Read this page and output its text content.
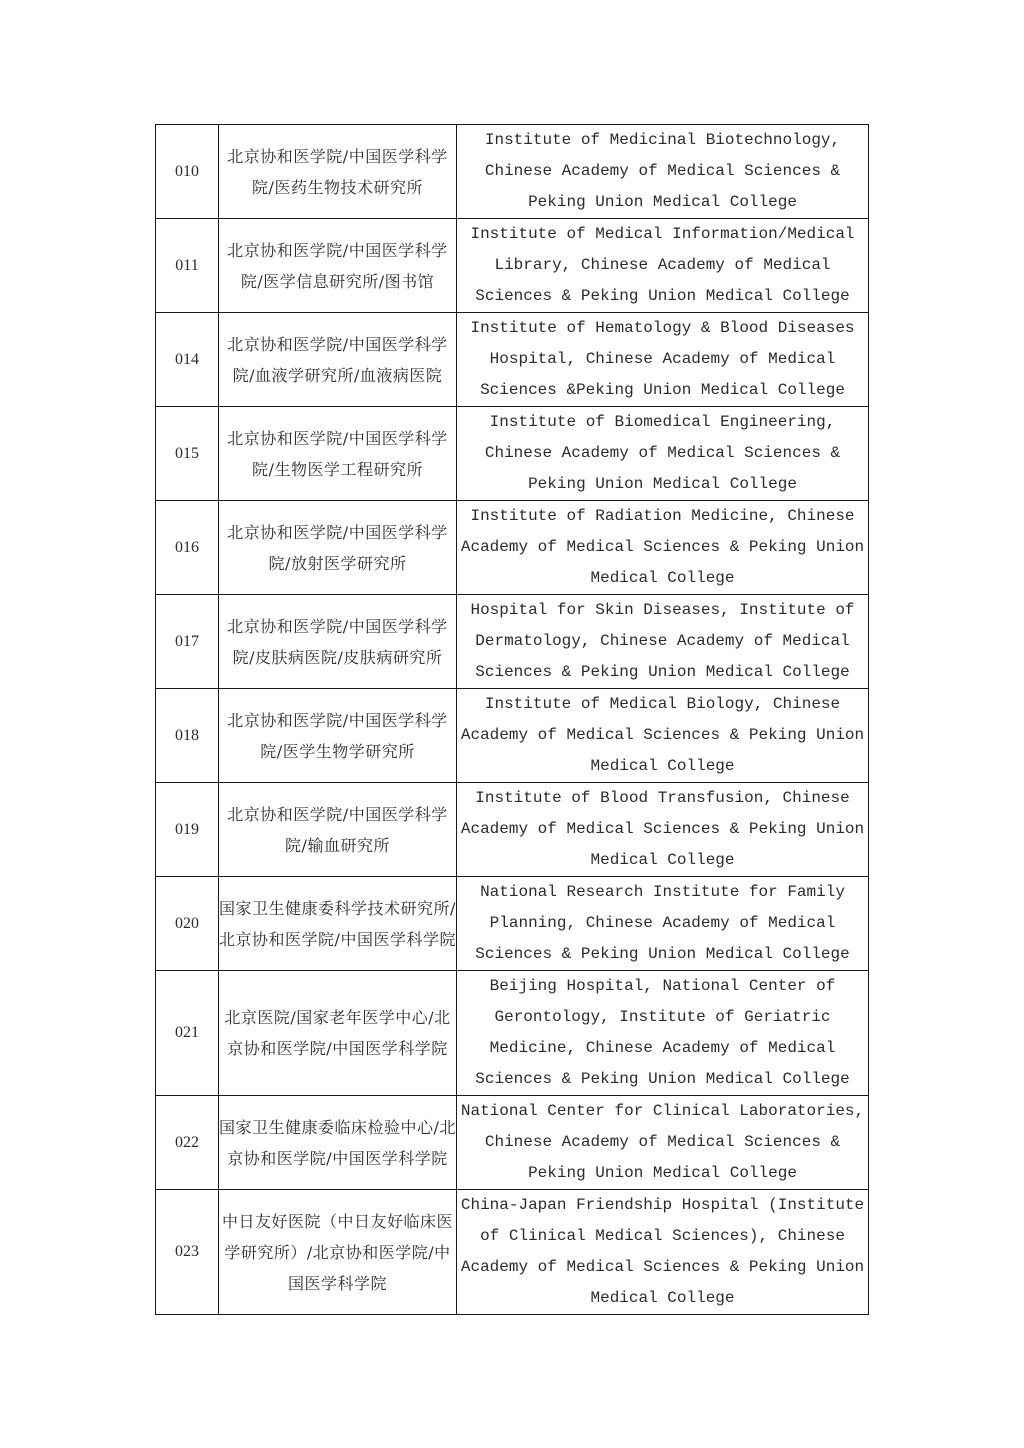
010	北京协和医学院/中国医学科学院/医药生物技术研究所	Institute of Medicinal Biotechnology, Chinese Academy of Medical Sciences & Peking Union Medical College
011	北京协和医学院/中国医学科学院/医学信息研究所/图书馆	Institute of Medical Information/Medical Library, Chinese Academy of Medical Sciences & Peking Union Medical College
014	北京协和医学院/中国医学科学院/血液学研究所/血液病医院	Institute of Hematology & Blood Diseases Hospital, Chinese Academy of Medical Sciences &Peking Union Medical College
015	北京协和医学院/中国医学科学院/生物医学工程研究所	Institute of Biomedical Engineering, Chinese Academy of Medical Sciences & Peking Union Medical College
016	北京协和医学院/中国医学科学院/放射医学研究所	Institute of Radiation Medicine, Chinese Academy of Medical Sciences & Peking Union Medical College
017	北京协和医学院/中国医学科学院/皮肤病医院/皮肤病研究所	Hospital for Skin Diseases, Institute of Dermatology, Chinese Academy of Medical Sciences & Peking Union Medical College
018	北京协和医学院/中国医学科学院/医学生物学研究所	Institute of Medical Biology, Chinese Academy of Medical Sciences & Peking Union Medical College
019	北京协和医学院/中国医学科学院/输血研究所	Institute of Blood Transfusion, Chinese Academy of Medical Sciences & Peking Union Medical College
020	国家卫生健康委科学技术研究所/北京协和医学院/中国医学科学院	National Research Institute for Family Planning, Chinese Academy of Medical Sciences & Peking Union Medical College
021	北京医院/国家老年医学中心/北京协和医学院/中国医学科学院	Beijing Hospital, National Center of Gerontology, Institute of Geriatric Medicine, Chinese Academy of Medical Sciences & Peking Union Medical College
022	国家卫生健康委临床检验中心/北京协和医学院/中国医学科学院	National Center for Clinical Laboratories, Chinese Academy of Medical Sciences & Peking Union Medical College
023	中日友好医院（中日友好临床医学研究所）/北京协和医学院/中国医学科学院	China-Japan Friendship Hospital (Institute of Clinical Medical Sciences), Chinese Academy of Medical Sciences & Peking Union Medical College
